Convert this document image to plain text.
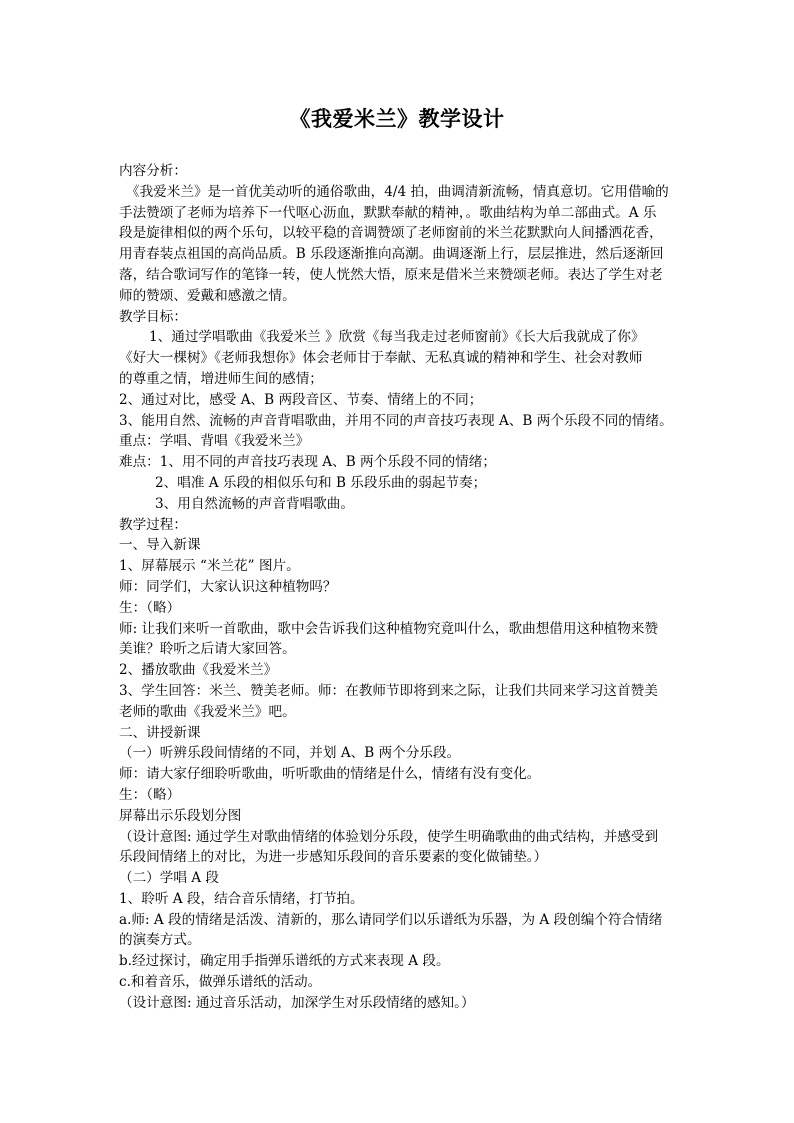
《我爱米兰》教学设计
内容分析：
《我爱米兰》是一首优美动听的通俗歌曲，4/4 拍，曲调清新流畅，情真意切。它用借喻的
手法赞颂了老师为培养下一代呕心沥血，默默奉献的精神，。歌曲结构为单二部曲式。A 乐
段是旋律相似的两个乐句，以较平稳的音调赞颂了老师窗前的米兰花默默向人间播洒花香，
用青春装点祖国的高尚品质。B 乐段逐渐推向高潮。曲调逐渐上行，层层推进，然后逐渐回
落，结合歌词写作的笔锋一转，使人恍然大悟，原来是借米兰来赞颂老师。表达了学生对老
师的赞颂、爱戴和感激之情。
教学目标：
1、通过学唱歌曲《我爱米兰 》欣赏《每当我走过老师窗前》《长大后我就成了你》
《好大一棵树》《老师我想你》体会老师甘于奉献、无私真诚的精神和学生、社会对教师
的尊重之情，增进师生间的感情；
2、通过对比，感受 A、B 两段音区、节奏、情绪上的不同；
3、能用自然、流畅的声音背唱歌曲，并用不同的声音技巧表现 A、B 两个乐段不同的情绪。
重点：学唱、背唱《我爱米兰》
难点：1、用不同的声音技巧表现 A、B 两个乐段不同的情绪；
2、唱准 A 乐段的相似乐句和 B 乐段乐曲的弱起节奏；
3、用自然流畅的声音背唱歌曲。
教学过程：
一、导入新课
1、屏幕展示 “米兰花” 图片。
师：同学们，大家认识这种植物吗？
生：（略）
师: 让我们来听一首歌曲，歌中会告诉我们这种植物究竟叫什么，歌曲想借用这种植物来赞
美谁？聆听之后请大家回答。
2、播放歌曲《我爱米兰》
3、学生回答：米兰、赞美老师。师：在教师节即将到来之际，让我们共同来学习这首赞美
老师的歌曲《我爱米兰》吧。
二、讲授新课
（一）听辨乐段间情绪的不同，并划 A、B 两个分乐段。
师：请大家仔细聆听歌曲，听听歌曲的情绪是什么，情绪有没有变化。
生：（略）
屏幕出示乐段划分图
（设计意图: 通过学生对歌曲情绪的体验划分乐段，使学生明确歌曲的曲式结构，并感受到
乐段间情绪上的对比，为进一步感知乐段间的音乐要素的变化做铺垫。）
（二）学唱 A 段
1、聆听 A 段，结合音乐情绪，打节拍。
a.师: A 段的情绪是活泼、清新的，那么请同学们以乐谱纸为乐器，为 A 段创编个符合情绪
的演奏方式。
b.经过探讨，确定用手指弹乐谱纸的方式来表现 A 段。
c.和着音乐，做弹乐谱纸的活动。
（设计意图: 通过音乐活动，加深学生对乐段情绪的感知。）
